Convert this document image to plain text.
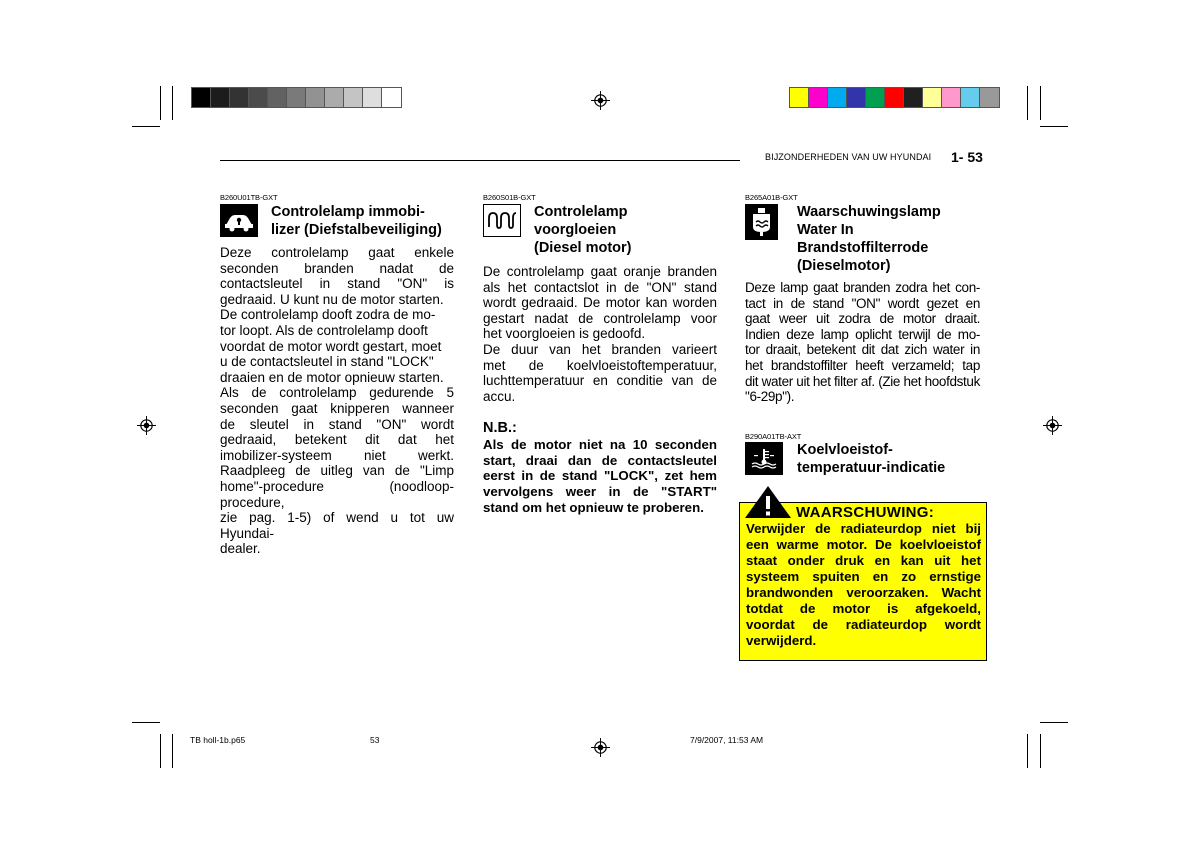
BIJZONDERHEDEN VAN UW HYUNDAI 1- 53
B260U01TB-GXT
Controlelamp immobi-
lizer (Diefstalbeveiliging)
Deze controlelamp gaat enkele
seconden branden nadat de
contactsleutel in stand "ON" is
gedraaid. U kunt nu de motor starten.
De controlelamp dooft zodra de mo-
tor loopt. Als de controlelamp dooft
voordat de motor wordt gestart, moet
u de contactsleutel in stand "LOCK"
draaien en de motor opnieuw starten.
Als de controlelamp gedurende 5
seconden gaat knipperen wanneer
de sleutel in stand "ON" wordt
gedraaid, betekent dit dat het
imobilizer-systeem niet werkt.
Raadpleeg de uitleg van de "Limp
home"-procedure (noodloop-procedure,
zie pag. 1-5) of wend u tot uw Hyundai-
dealer.
B260S01B-GXT
Controlelamp
voorgloeien
(Diesel motor)
De controlelamp gaat oranje branden
als het contactslot in de "ON" stand
wordt gedraaid. De motor kan worden
gestart nadat de controlelamp voor
het voorgloeien is gedoofd.
De duur van het branden varieert
met de koelvloeistoftemperatuur,
luchttemperatuur en conditie van de
accu.
N.B.:
Als de motor niet na 10 seconden
start, draai dan de contactsleutel
eerst in de stand "LOCK", zet hem
vervolgens weer in de "START"
stand om het opnieuw te proberen.
B265A01B-GXT
Waarschuwingslamp
Water In
Brandstoffilterrode
(Dieselmotor)
Deze lamp gaat branden zodra het con-
tact in de stand "ON" wordt gezet en
gaat weer uit zodra de motor draait.
Indien deze lamp oplicht terwijl de mo-
tor draait, betekent dit dat zich water in
het brandstoffilter heeft verzameld; tap
dit water uit het filter af. (Zie het hoofdstuk
"6-29p").
B290A01TB-AXT
Koelvloeistof-
temperatuur-indicatie
WAARSCHUWING:
Verwijder de radiateurdop niet bij
een warme motor. De koelvloeistof
staat onder druk en kan uit het
systeem spuiten en zo ernstige
brandwonden veroorzaken. Wacht
totdat de motor is afgekoeld,
voordat de radiateurdop wordt
verwijderd.
TB holl-1b.p65	53	7/9/2007, 11:53 AM
